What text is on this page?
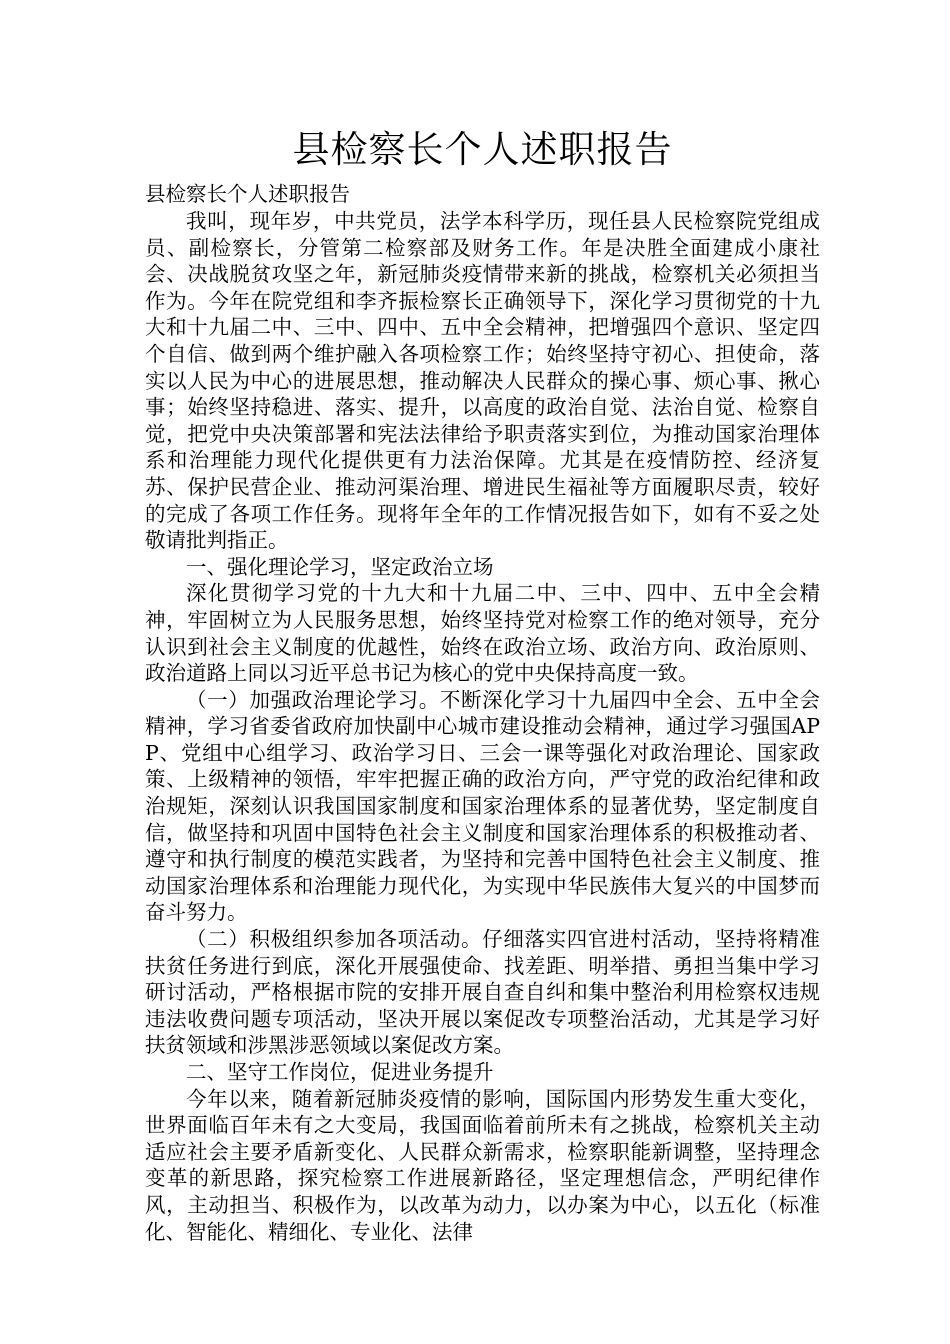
县检察长个人述职报告

县检察长个人述职报告

我叫，现年岁，中共党员，法学本科学历，现任县人民检察院党组成员、副检察长，分管第二检察部及财务工作。年是决胜全面建成小康社会、决战脱贫攻坚之年，新冠肺炎疫情带来新的挑战，检察机关必须担当作为。今年在院党组和李齐振检察长正确领导下，深化学习贯彻党的十九大和十九届二中、三中、四中、五中全会精神，把增强四个意识、坚定四个自信、做到两个维护融入各项检察工作；始终坚持守初心、担使命，落实以人民为中心的进展思想，推动解决人民群众的操心事、烦心事、揪心事；始终坚持稳进、落实、提升，以高度的政治自觉、法治自觉、检察自觉，把党中央决策部署和宪法法律给予职责落实到位，为推动国家治理体系和治理能力现代化提供更有力法治保障。尤其是在疫情防控、经济复苏、保护民营企业、推动河渠治理、增进民生福祉等方面履职尽责，较好的完成了各项工作任务。现将年全年的工作情况报告如下，如有不妥之处敬请批判指正。

一、强化理论学习，坚定政治立场

深化贯彻学习党的十九大和十九届二中、三中、四中、五中全会精神，牢固树立为人民服务思想，始终坚持党对检察工作的绝对领导，充分认识到社会主义制度的优越性，始终在政治立场、政治方向、政治原则、政治道路上同以习近平总书记为核心的党中央保持高度一致。

（一）加强政治理论学习。不断深化学习十九届四中全会、五中全会精神，学习省委省政府加快副中心城市建设推动会精神，通过学习强国APP、党组中心组学习、政治学习日、三会一课等强化对政治理论、国家政策、上级精神的领悟，牢牢把握正确的政治方向，严守党的政治纪律和政治规矩，深刻认识我国国家制度和国家治理体系的显著优势，坚定制度自信，做坚持和巩固中国特色社会主义制度和国家治理体系的积极推动者、遵守和执行制度的模范实践者，为坚持和完善中国特色社会主义制度、推动国家治理体系和治理能力现代化，为实现中华民族伟大复兴的中国梦而奋斗努力。

（二）积极组织参加各项活动。仔细落实四官进村活动，坚持将精准扶贫任务进行到底，深化开展强使命、找差距、明举措、勇担当集中学习研讨活动，严格根据市院的安排开展自查自纠和集中整治利用检察权违规违法收费问题专项活动，坚决开展以案促改专项整治活动，尤其是学习好扶贫领域和涉黑涉恶领域以案促改方案。

二、坚守工作岗位，促进业务提升

今年以来，随着新冠肺炎疫情的影响，国际国内形势发生重大变化，世界面临百年未有之大变局，我国面临着前所未有之挑战，检察机关主动适应社会主要矛盾新变化、人民群众新需求，检察职能新调整，坚持理念变革的新思路，探究检察工作进展新路径，坚定理想信念，严明纪律作风，主动担当、积极作为，以改革为动力，以办案为中心，以五化（标准化、智能化、精细化、专业化、法律
